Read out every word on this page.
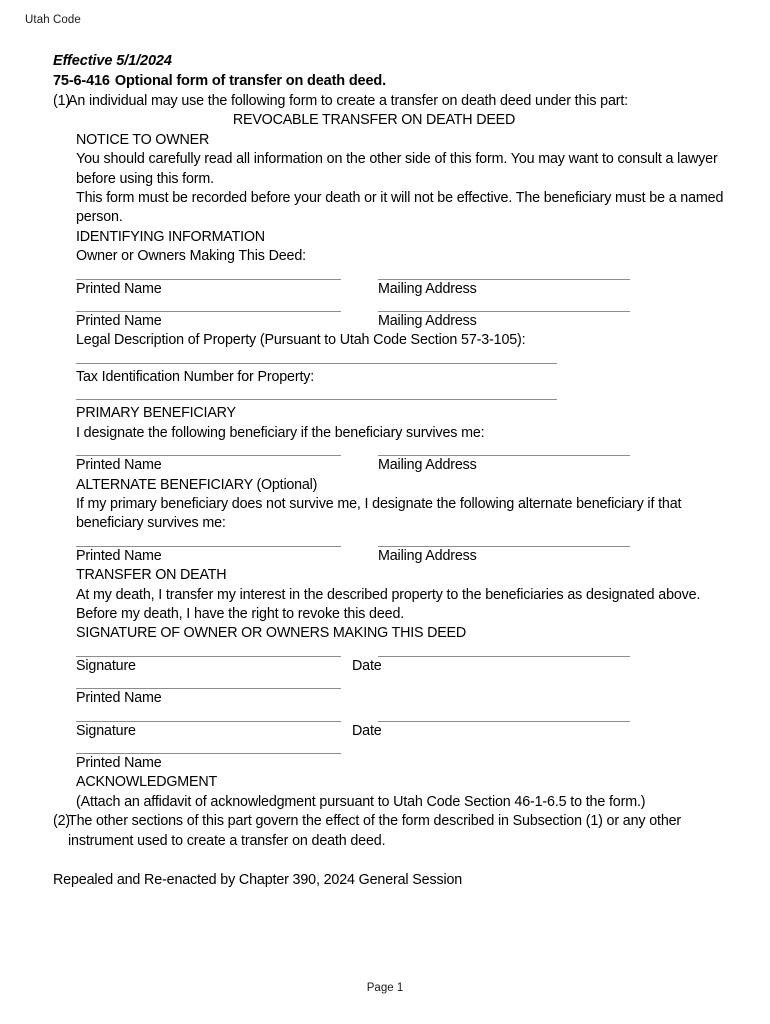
Utah Code

Effective 5/1/2024

75-6-416 Optional form of transfer on death deed.

(1)
An individual may use the following form to create a transfer on death deed under this part:

REVOCABLE TRANSFER ON DEATH DEED

NOTICE TO OWNER

You should carefully read all information on the other side of this form. You may want to consult a lawyer before using this form.

This form must be recorded before your death or it will not be effective. The beneficiary must be a named person.

IDENTIFYING INFORMATION

Owner or Owners Making This Deed:

Printed Name	Mailing Address
Printed Name	Mailing Address

Legal Description of Property (Pursuant to Utah Code Section 57-3-105):

Tax Identification Number for Property:

PRIMARY BENEFICIARY

I designate the following beneficiary if the beneficiary survives me:

Printed Name	Mailing Address

ALTERNATE BENEFICIARY (Optional)

If my primary beneficiary does not survive me, I designate the following alternate beneficiary if that beneficiary survives me:

Printed Name	Mailing Address

TRANSFER ON DEATH

At my death, I transfer my interest in the described property to the beneficiaries as designated above.

Before my death, I have the right to revoke this deed.

SIGNATURE OF OWNER OR OWNERS MAKING THIS DEED

Signature	Date
Printed Name
Signature	Date
Printed Name

ACKNOWLEDGMENT

(Attach an affidavit of acknowledgment pursuant to Utah Code Section 46-1-6.5 to the form.)

(2)
The other sections of this part govern the effect of the form described in Subsection (1) or any other instrument used to create a transfer on death deed.

Repealed and Re-enacted by Chapter 390, 2024 General Session

Page 1
